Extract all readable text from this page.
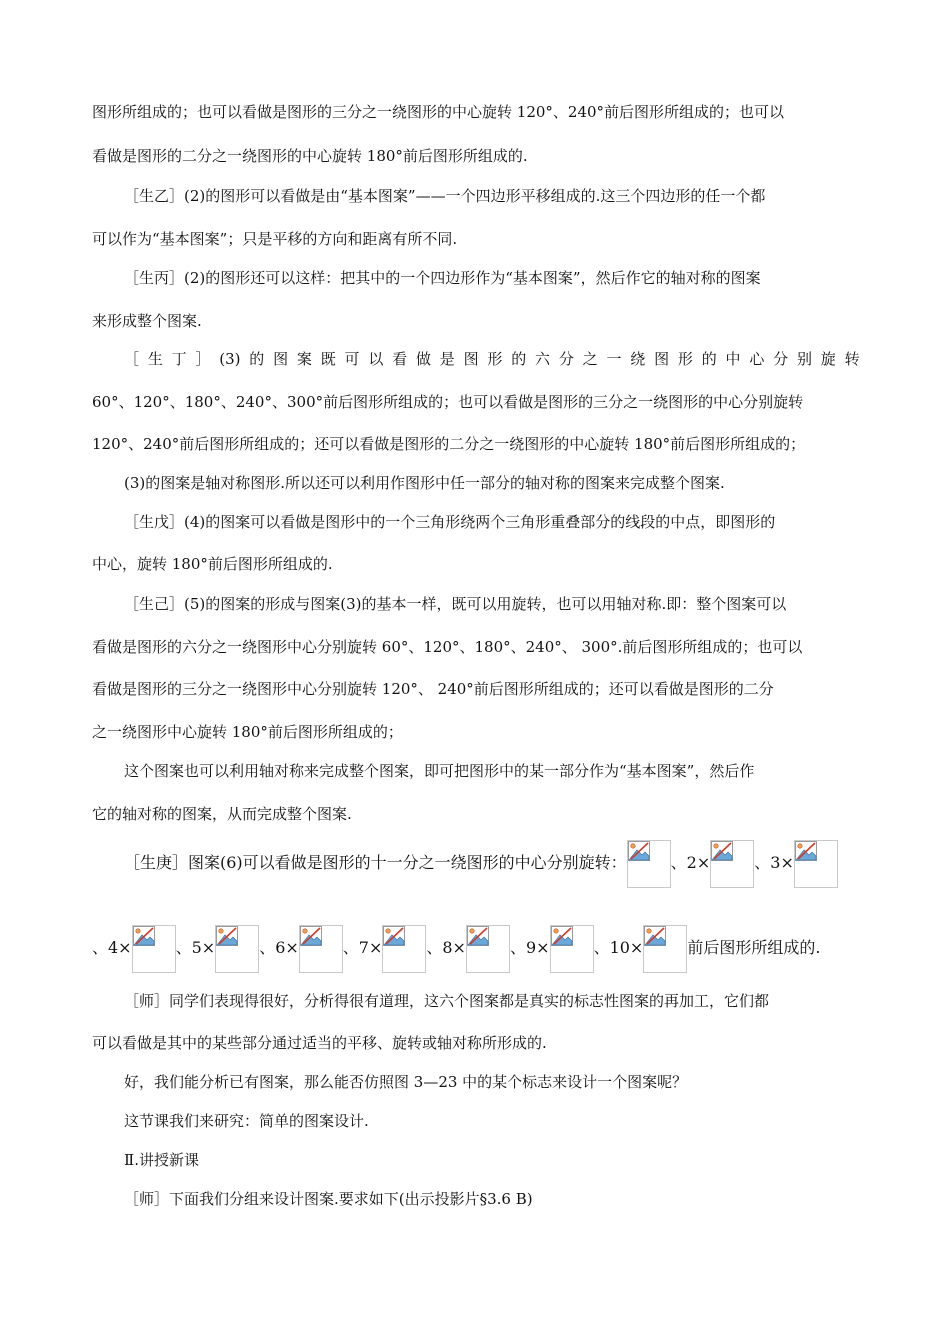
图形所组成的；也可以看做是图形的三分之一绕图形的中心旋转 120°、240°前后图形所组成的；也可以
看做是图形的二分之一绕图形的中心旋转 180°前后图形所组成的.
［生乙］(2)的图形可以看做是由“基本图案”——一个四边形平移组成的.这三个四边形的任一个都
可以作为“基本图案”；只是平移的方向和距离有所不同.
［生丙］(2)的图形还可以这样：把其中的一个四边形作为“基本图案”，然后作它的轴对称的图案
来形成整个图案.
［ 生 丁 ］ (3) 的 图 案 既 可 以 看 做 是 图 形 的 六 分 之 一 绕 图 形 的 中 心 分 别 旋 转
60°、120°、180°、240°、300°前后图形所组成的；也可以看做是图形的三分之一绕图形的中心分别旋转
120°、240°前后图形所组成的；还可以看做是图形的二分之一绕图形的中心旋转 180°前后图形所组成的；
(3)的图案是轴对称图形.所以还可以利用作图形中任一部分的轴对称的图案来完成整个图案.
［生戊］(4)的图案可以看做是图形中的一个三角形绕两个三角形重叠部分的线段的中点，即图形的
中心，旋转 180°前后图形所组成的.
［生己］(5)的图案的形成与图案(3)的基本一样，既可以用旋转，也可以用轴对称.即：整个图案可以
看做是图形的六分之一绕图形中心分别旋转 60°、120°、180°、240°、 300°.前后图形所组成的；也可以
看做是图形的三分之一绕图形中心分别旋转 120°、 240°前后图形所组成的；还可以看做是图形的二分
之一绕图形中心旋转 180°前后图形所组成的；
这个图案也可以利用轴对称来完成整个图案，即可把图形中的某一部分作为“基本图案”，然后作
它的轴对称的图案，从而完成整个图案.
［生庚］图案(6)可以看做是图形的十一分之一绕图形的中心分别旋转：	、2×	、3×
、4×	、5×	、6×	、7×	、8×	、9×	、10×	前后图形所组成的.
［师］同学们表现得很好，分析得很有道理，这六个图案都是真实的标志性图案的再加工，它们都
可以看做是其中的某些部分通过适当的平移、旋转或轴对称所形成的.
好，我们能分析已有图案，那么能否仿照图 3—23 中的某个标志来设计一个图案呢？
这节课我们来研究：简单的图案设计.
Ⅱ.讲授新课
［师］下面我们分组来设计图案.要求如下(出示投影片§3.6 B)
